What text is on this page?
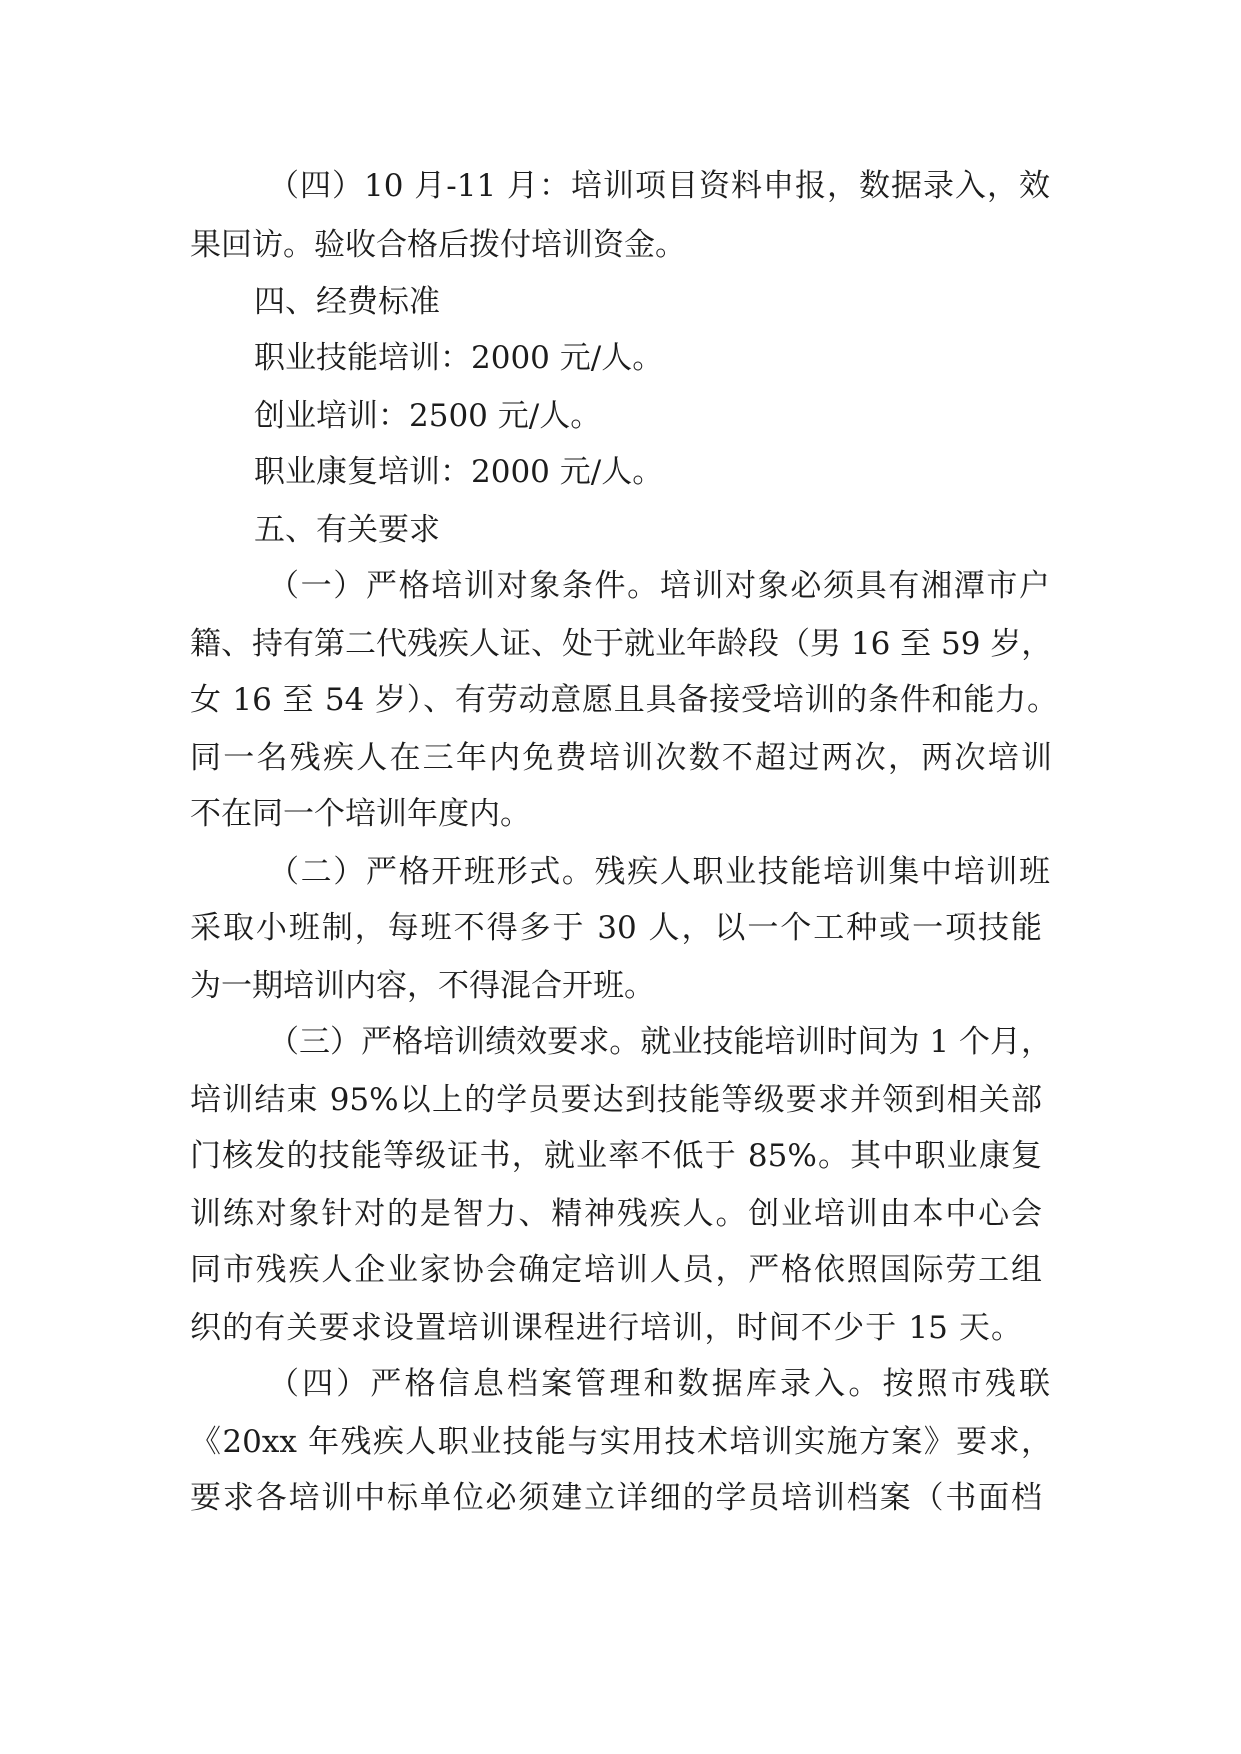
（四）10 月-11 月：培训项目资料申报，数据录入，效
果回访。验收合格后拨付培训资金。
四、经费标准
职业技能培训：2000 元/人。
创业培训：2500 元/人。
职业康复培训：2000 元/人。
五、有关要求
（一）严格培训对象条件。培训对象必须具有湘潭市户
籍、持有第二代残疾人证、处于就业年龄段（男 16 至 59 岁，
女 16 至 54 岁）、有劳动意愿且具备接受培训的条件和能力。
同一名残疾人在三年内免费培训次数不超过两次，两次培训
不在同一个培训年度内。
（二）严格开班形式。残疾人职业技能培训集中培训班
采取小班制，每班不得多于 30 人，以一个工种或一项技能
为一期培训内容，不得混合开班。
（三）严格培训绩效要求。就业技能培训时间为 1 个月，
培训结束 95%以上的学员要达到技能等级要求并领到相关部
门核发的技能等级证书，就业率不低于 85%。其中职业康复
训练对象针对的是智力、精神残疾人。创业培训由本中心会
同市残疾人企业家协会确定培训人员，严格依照国际劳工组
织的有关要求设置培训课程进行培训，时间不少于 15 天。
（四）严格信息档案管理和数据库录入。按照市残联
《20xx 年残疾人职业技能与实用技术培训实施方案》要求，
要求各培训中标单位必须建立详细的学员培训档案（书面档
